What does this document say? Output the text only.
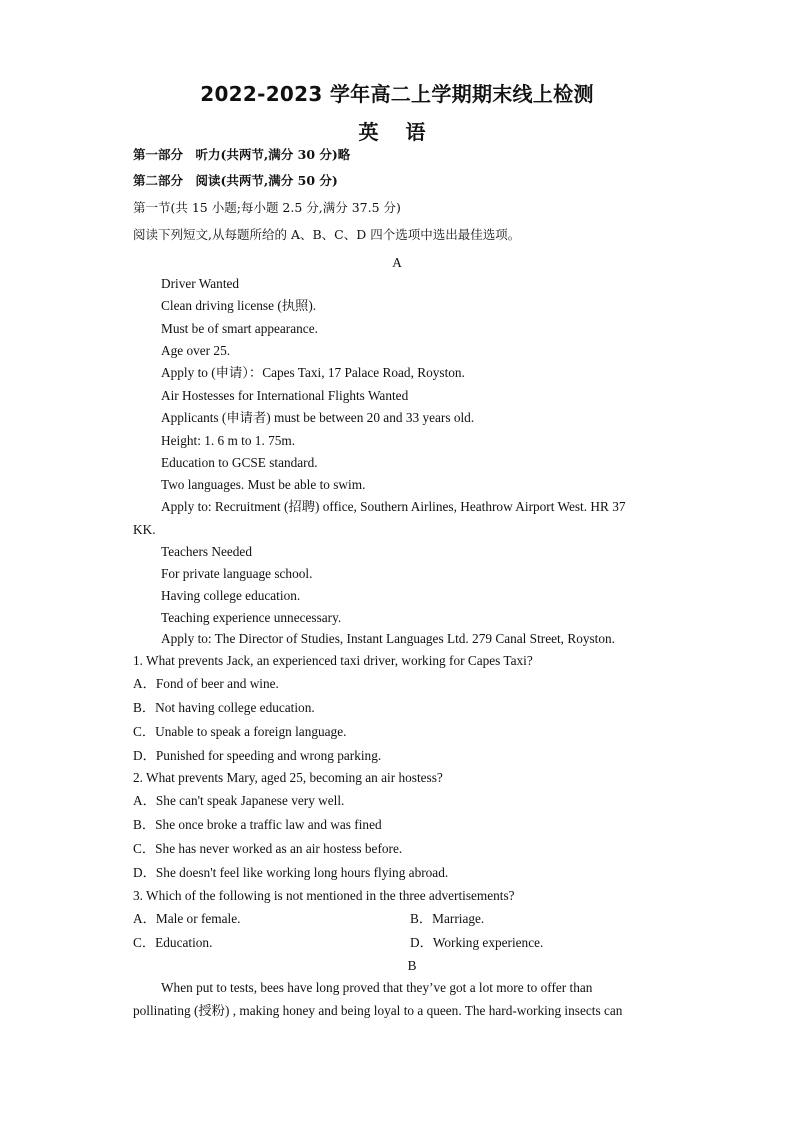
2022-2023 学年高二上学期期末线上检测
英 语
第一部分　听力(共两节,满分 30 分)略
第二部分　阅读(共两节,满分 50 分)
第一节(共 15 小题;每小题 2.5 分,满分 37.5 分)
阅读下列短文,从每题所给的 A、B、C、D 四个选项中选出最佳选项。
A
Driver Wanted
Clean driving license (执照).
Must be of smart appearance.
Age over 25.
Apply to (申请）：Capes Taxi, 17 Palace Road, Royston.
Air Hostesses for International Flights Wanted
Applicants (申请者) must be between 20 and 33 years old.
Height: 1. 6 m to 1. 75m.
Education to GCSE standard.
Two languages. Must be able to swim.
Apply to: Recruitment (招聘) office, Southern Airlines, Heathrow Airport West. HR 37
KK.
Teachers Needed
For private language school.
Having college education.
Teaching experience unnecessary.
Apply to: The Director of Studies, Instant Languages Ltd. 279 Canal Street, Royston.
1. What prevents Jack, an experienced taxi driver, working for Capes Taxi?
A．Fond of beer and wine.
B．Not having college education.
C．Unable to speak a foreign language.
D．Punished for speeding and wrong parking.
2. What prevents Mary, aged 25, becoming an air hostess?
A．She can't speak Japanese very well.
B．She once broke a traffic law and was fined
C．She has never worked as an air hostess before.
D．She doesn't feel like working long hours flying abroad.
3. Which of the following is not mentioned in the three advertisements?
A．Male or female.	B．Marriage.
C．Education.	D．Working experience.
B
When put to tests, bees have long proved that they’ve got a lot more to offer than
pollinating (授粉) , making honey and being loyal to a queen. The hard-working insects can
